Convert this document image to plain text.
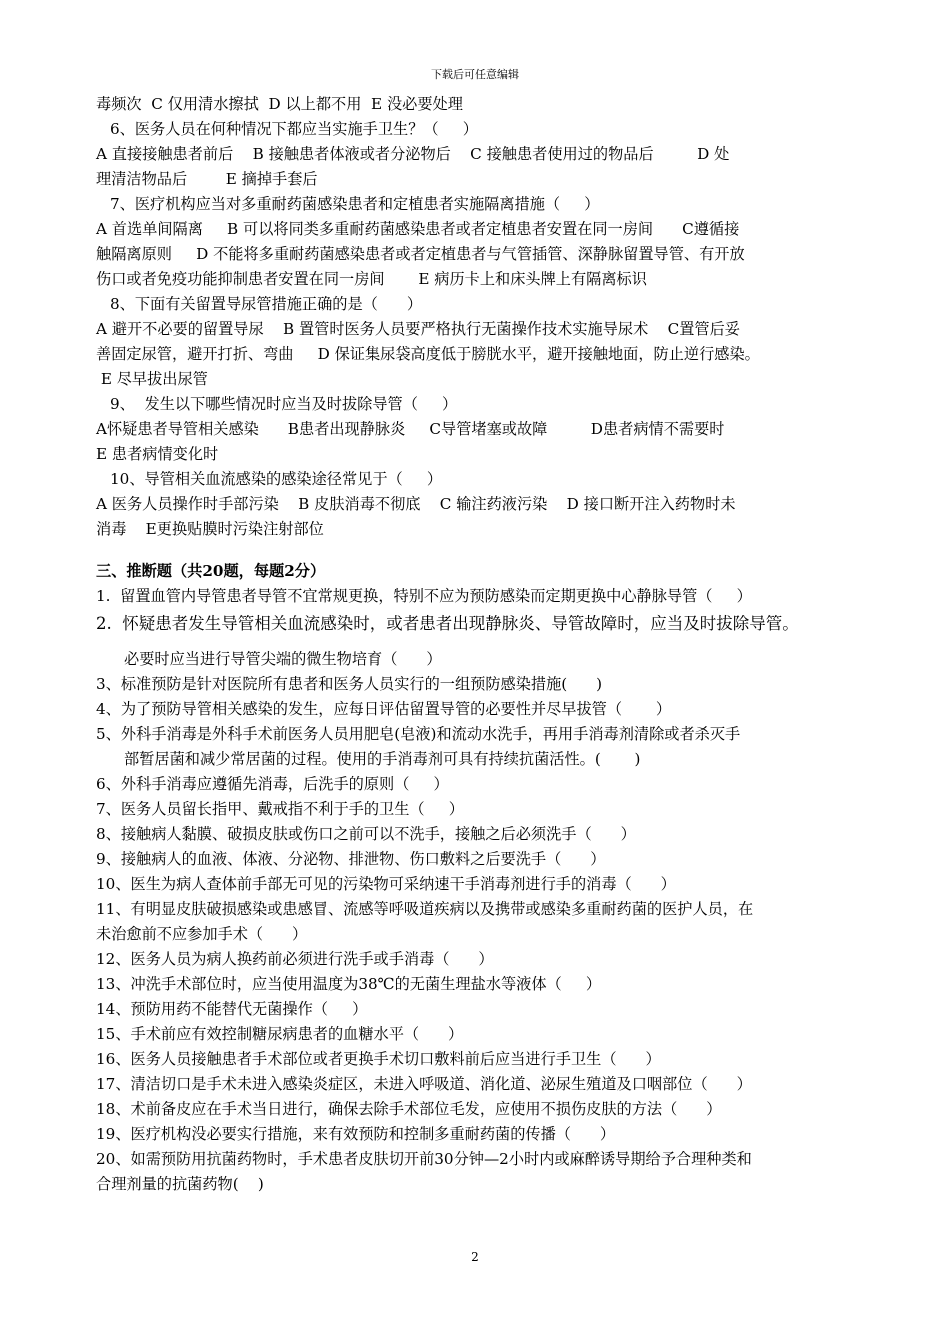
下载后可任意编辑
毒频次  C 仅用清水擦拭  D 以上都不用  E 没必要处理
6、医务人员在何种情况下都应当实施手卫生？（     ）
A 直接接触患者前后    B 接触患者体液或者分泌物后    C 接触患者使用过的物品后         D 处
理清洁物品后        E 摘掉手套后
7、医疗机构应当对多重耐药菌感染患者和定植患者实施隔离措施（     ）
A 首选单间隔离     B 可以将同类多重耐药菌感染患者或者定植患者安置在同一房间      C遵循接
触隔离原则     D 不能将多重耐药菌感染患者或者定植患者与气管插管、深静脉留置导管、有开放
伤口或者免疫功能抑制患者安置在同一房间       E 病历卡上和床头牌上有隔离标识
8、下面有关留置导尿管措施正确的是（      ）
A 避开不必要的留置导尿    B 置管时医务人员要严格执行无菌操作技术实施导尿术    C置管后妥
善固定尿管，避开打折、弯曲     D 保证集尿袋高度低于膀胱水平，避开接触地面，防止逆行感染。
E 尽早拔出尿管
9、  发生以下哪些情况时应当及时拔除导管（     ）
A怀疑患者导管相关感染      B患者出现静脉炎     C导管堵塞或故障         D患者病情不需要时
E 患者病情变化时
10、导管相关血流感染的感染途径常见于（     ）
A 医务人员操作时手部污染    B 皮肤消毒不彻底    C 输注药液污染    D 接口断开注入药物时未
消毒    E更换贴膜时污染注射部位
三、推断题（共20题，每题2分）
1.  留置血管内导管患者导管不宜常规更换，特别不应为预防感染而定期更换中心静脉导管（     ）
2.  怀疑患者发生导管相关血流感染时，或者患者出现静脉炎、导管故障时，应当及时拔除导管。
必要时应当进行导管尖端的微生物培育（      ）
3、标准预防是针对医院所有患者和医务人员实行的一组预防感染措施(      )
4、为了预防导管相关感染的发生，应每日评估留置导管的必要性并尽早拔管（       ）
5、外科手消毒是外科手术前医务人员用肥皂(皂液)和流动水洗手，再用手消毒剂清除或者杀灭手
部暂居菌和减少常居菌的过程。使用的手消毒剂可具有持续抗菌活性。(       )
6、外科手消毒应遵循先消毒，后洗手的原则（     ）
7、医务人员留长指甲、戴戒指不利于手的卫生（     ）
8、接触病人黏膜、破损皮肤或伤口之前可以不洗手，接触之后必须洗手（      ）
9、接触病人的血液、体液、分泌物、排泄物、伤口敷料之后要洗手（      ）
10、医生为病人查体前手部无可见的污染物可采纳速干手消毒剂进行手的消毒（      ）
11、有明显皮肤破损感染或患感冒、流感等呼吸道疾病以及携带或感染多重耐药菌的医护人员，在
未治愈前不应参加手术（      ）
12、医务人员为病人换药前必须进行洗手或手消毒（      ）
13、冲洗手术部位时，应当使用温度为38℃的无菌生理盐水等液体（     ）
14、预防用药不能替代无菌操作（     ）
15、手术前应有效控制糖尿病患者的血糖水平（      ）
16、医务人员接触患者手术部位或者更换手术切口敷料前后应当进行手卫生（      ）
17、清洁切口是手术未进入感染炎症区，未进入呼吸道、消化道、泌尿生殖道及口咽部位（      ）
18、术前备皮应在手术当日进行，确保去除手术部位毛发，应使用不损伤皮肤的方法（      ）
19、医疗机构没必要实行措施，来有效预防和控制多重耐药菌的传播（      ）
20、如需预防用抗菌药物时，手术患者皮肤切开前30分钟—2小时内或麻醉诱导期给予合理种类和
合理剂量的抗菌药物(    )
2
